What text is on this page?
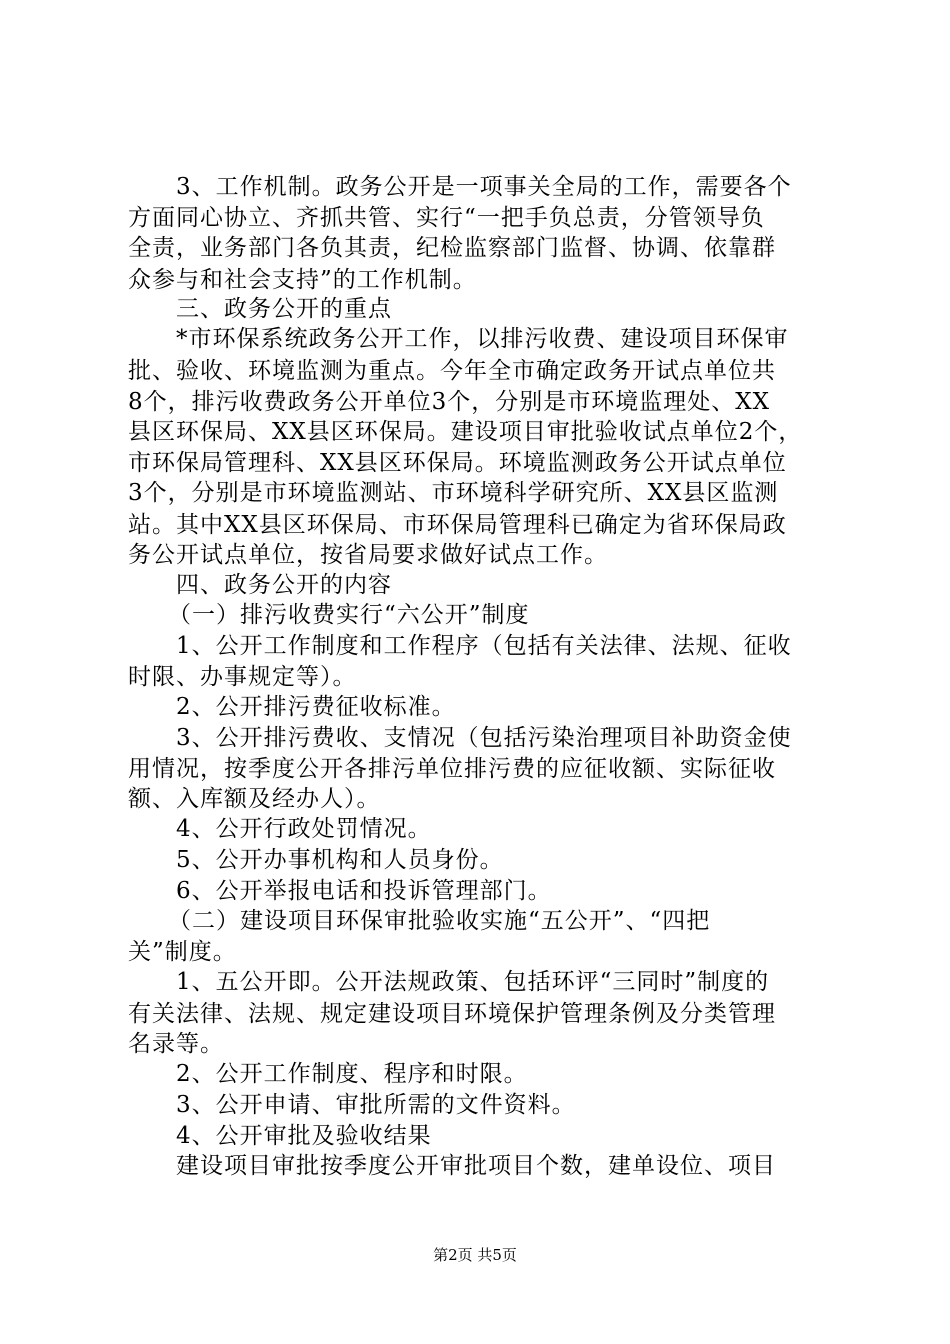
3、工作机制。政务公开是一项事关全局的工作，需要各个
方面同心协立、齐抓共管、实行“一把手负总责，分管领导负
全责，业务部门各负其责，纪检监察部门监督、协调、依靠群
众参与和社会支持”的工作机制。
三、政务公开的重点
*市环保系统政务公开工作，以排污收费、建设项目环保审
批、验收、环境监测为重点。今年全市确定政务开试点单位共
8个，排污收费政务公开单位3个，分别是市环境监理处、XX
县区环保局、XX县区环保局。建设项目审批验收试点单位2个，
市环保局管理科、XX县区环保局。环境监测政务公开试点单位
3个，分别是市环境监测站、市环境科学研究所、XX县区监测
站。其中XX县区环保局、市环保局管理科已确定为省环保局政
务公开试点单位，按省局要求做好试点工作。
四、政务公开的内容
（一）排污收费实行“六公开”制度
1、公开工作制度和工作程序（包括有关法律、法规、征收
时限、办事规定等）。
2、公开排污费征收标准。
3、公开排污费收、支情况（包括污染治理项目补助资金使
用情况，按季度公开各排污单位排污费的应征收额、实际征收
额、入库额及经办人）。
4、公开行政处罚情况。
5、公开办事机构和人员身份。
6、公开举报电话和投诉管理部门。
（二）建设项目环保审批验收实施“五公开”、“四把
关”制度。
1、五公开即。公开法规政策、包括环评“三同时”制度的
有关法律、法规、规定建设项目环境保护管理条例及分类管理
名录等。
2、公开工作制度、程序和时限。
3、公开申请、审批所需的文件资料。
4、公开审批及验收结果
建设项目审批按季度公开审批项目个数，建单设位、项目
第2页 共5页
